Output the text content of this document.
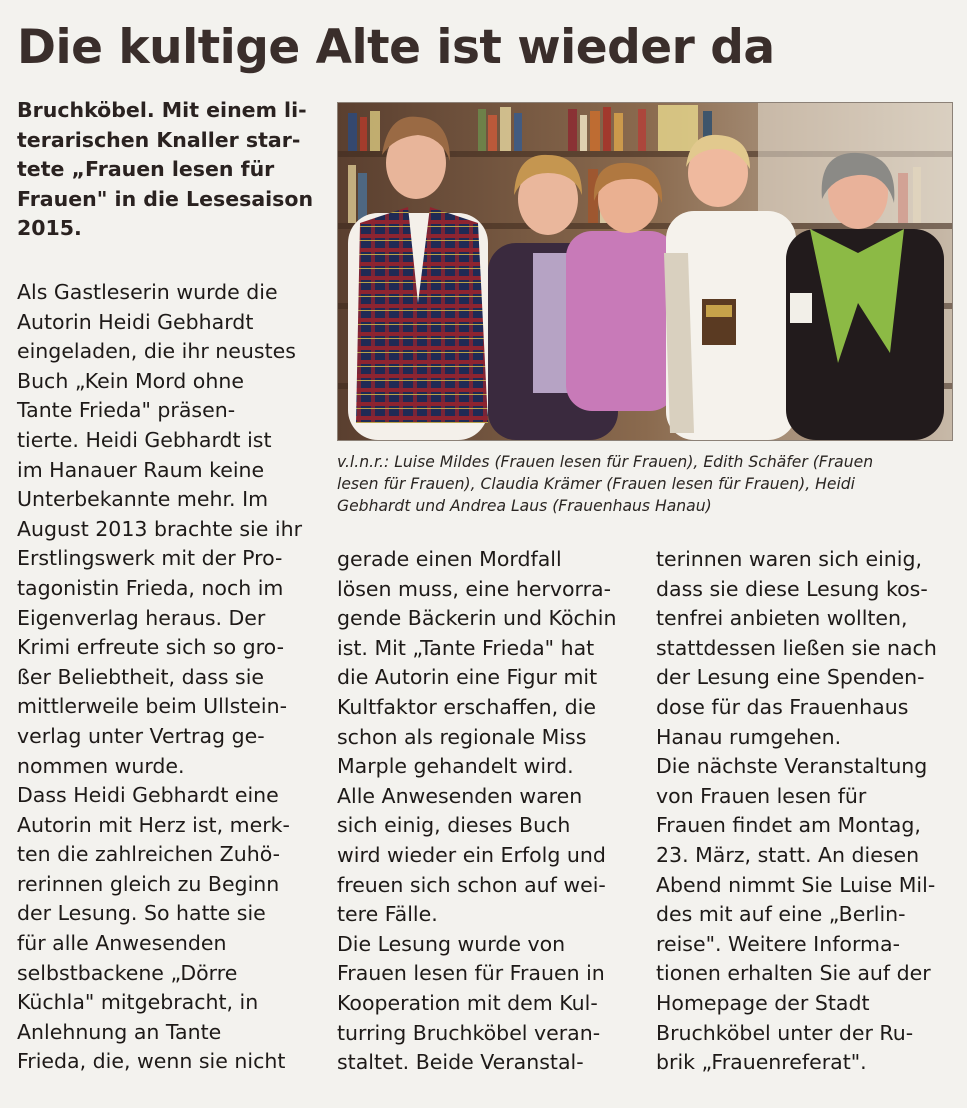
Die kultige Alte ist wieder da
Bruchköbel. Mit einem li-
terarischen Knaller star-
tete „Frauen lesen für
Frauen" in die Lesesaison
2015.
v.l.n.r.: Luise Mildes (Frauen lesen für Frauen), Edith Schäfer (Frauen
lesen für Frauen), Claudia Krämer (Frauen lesen für Frauen), Heidi
Gebhardt und Andrea Laus (Frauenhaus Hanau)
Als Gastleserin wurde die
Autorin Heidi Gebhardt
eingeladen, die ihr neustes
Buch „Kein Mord ohne
Tante Frieda" präsen-
tierte. Heidi Gebhardt ist
im Hanauer Raum keine
Unterbekannte mehr. Im
August 2013 brachte sie ihr
Erstlingswerk mit der Pro-
tagonistin Frieda, noch im
Eigenverlag heraus. Der
Krimi erfreute sich so gro-
ßer Beliebtheit, dass sie
mittlerweile beim Ullstein-
verlag unter Vertrag ge-
nommen wurde.
Dass Heidi Gebhardt eine
Autorin mit Herz ist, merk-
ten die zahlreichen Zuhö-
rerinnen gleich zu Beginn
der Lesung. So hatte sie
für alle Anwesenden
selbstbackene „Dörre
Küchla" mitgebracht, in
Anlehnung an Tante
Frieda, die, wenn sie nicht
gerade einen Mordfall
lösen muss, eine hervorra-
gende Bäckerin und Köchin
ist. Mit „Tante Frieda" hat
die Autorin eine Figur mit
Kultfaktor erschaffen, die
schon als regionale Miss
Marple gehandelt wird.
Alle Anwesenden waren
sich einig, dieses Buch
wird wieder ein Erfolg und
freuen sich schon auf wei-
tere Fälle.
Die Lesung wurde von
Frauen lesen für Frauen in
Kooperation mit dem Kul-
turring Bruchköbel veran-
staltet. Beide Veranstal-
terinnen waren sich einig,
dass sie diese Lesung kos-
tenfrei anbieten wollten,
stattdessen ließen sie nach
der Lesung eine Spenden-
dose für das Frauenhaus
Hanau rumgehen.
Die nächste Veranstaltung
von Frauen lesen für
Frauen findet am Montag,
23. März, statt. An diesen
Abend nimmt Sie Luise Mil-
des mit auf eine „Berlin-
reise". Weitere Informa-
tionen erhalten Sie auf der
Homepage der Stadt
Bruchköbel unter der Ru-
brik „Frauenreferat".
